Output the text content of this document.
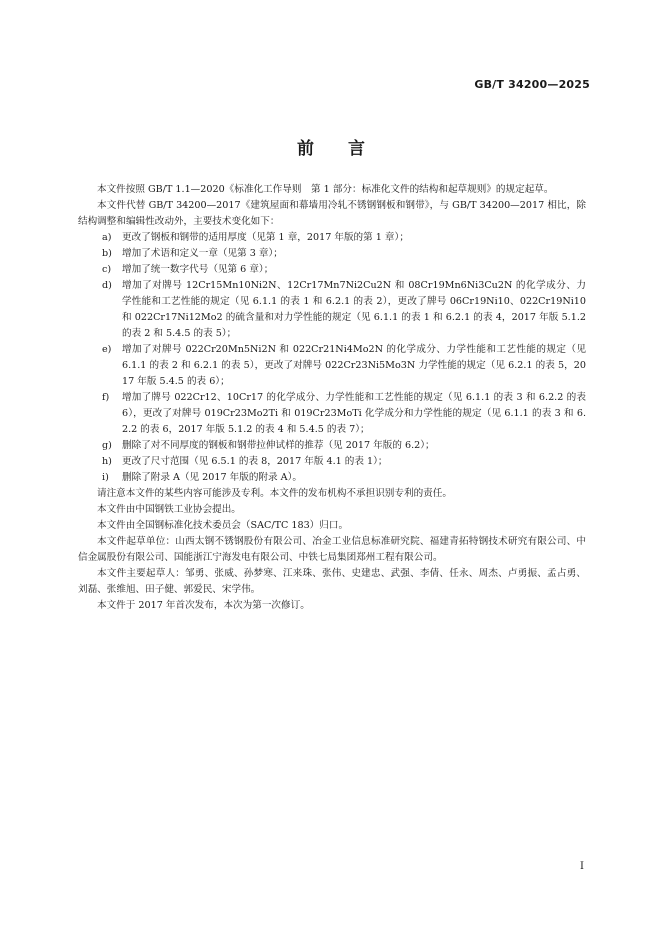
GB/T 34200—2025
前　　言

本文件按照 GB/T 1.1—2020《标准化工作导则　第 1 部分：标准化文件的结构和起草规则》的规定起草。

本文件代替 GB/T 34200—2017《建筑屋面和幕墙用冷轧不锈钢钢板和钢带》，与 GB/T 34200—2017 相比，除结构调整和编辑性改动外，主要技术变化如下：

a) 更改了钢板和钢带的适用厚度（见第 1 章，2017 年版的第 1 章）；
b) 增加了术语和定义一章（见第 3 章）；
c) 增加了统一数字代号（见第 6 章）；
d) 增加了对牌号 12Cr15Mn10Ni2N、12Cr17Mn7Ni2Cu2N 和 08Cr19Mn6Ni3Cu2N 的化学成分、力学性能和工艺性能的规定（见 6.1.1 的表 1 和 6.2.1 的表 2），更改了牌号 06Cr19Ni10、022Cr19Ni10 和 022Cr17Ni12Mo2 的硫含量和对力学性能的规定（见 6.1.1 的表 1 和 6.2.1 的表 4，2017 年版 5.1.2 的表 2 和 5.4.5 的表 5）；
e) 增加了对牌号 022Cr20Mn5Ni2N 和 022Cr21Ni4Mo2N 的化学成分、力学性能和工艺性能的规定（见 6.1.1 的表 2 和 6.2.1 的表 5），更改了对牌号 022Cr23Ni5Mo3N 力学性能的规定（见 6.2.1 的表 5，2017 年版 5.4.5 的表 6）；
f) 增加了牌号 022Cr12、10Cr17 的化学成分、力学性能和工艺性能的规定（见 6.1.1 的表 3 和 6.2.2 的表 6），更改了对牌号 019Cr23Mo2Ti 和 019Cr23MoTi 化学成分和力学性能的规定（见 6.1.1 的表 3 和 6.2.2 的表 6，2017 年版 5.1.2 的表 4 和 5.4.5 的表 7）；
g) 删除了对不同厚度的钢板和钢带拉伸试样的推荐（见 2017 年版的 6.2）；
h) 更改了尺寸范围（见 6.5.1 的表 8，2017 年版 4.1 的表 1）；
i) 删除了附录 A（见 2017 年版的附录 A）。

请注意本文件的某些内容可能涉及专利。本文件的发布机构不承担识别专利的责任。

本文件由中国钢铁工业协会提出。

本文件由全国钢标准化技术委员会（SAC/TC 183）归口。

本文件起草单位：山西太钢不锈钢股份有限公司、冶金工业信息标准研究院、福建青拓特钢技术研究有限公司、中信金属股份有限公司、国能浙江宁海发电有限公司、中铁七局集团郑州工程有限公司。

本文件主要起草人：邹勇、张威、孙梦寒、江来珠、张伟、史建忠、武强、李倩、任永、周杰、卢勇振、孟占勇、刘磊、张维旭、田子健、郭爱民、宋学伟。

本文件于 2017 年首次发布，本次为第一次修订。

I
